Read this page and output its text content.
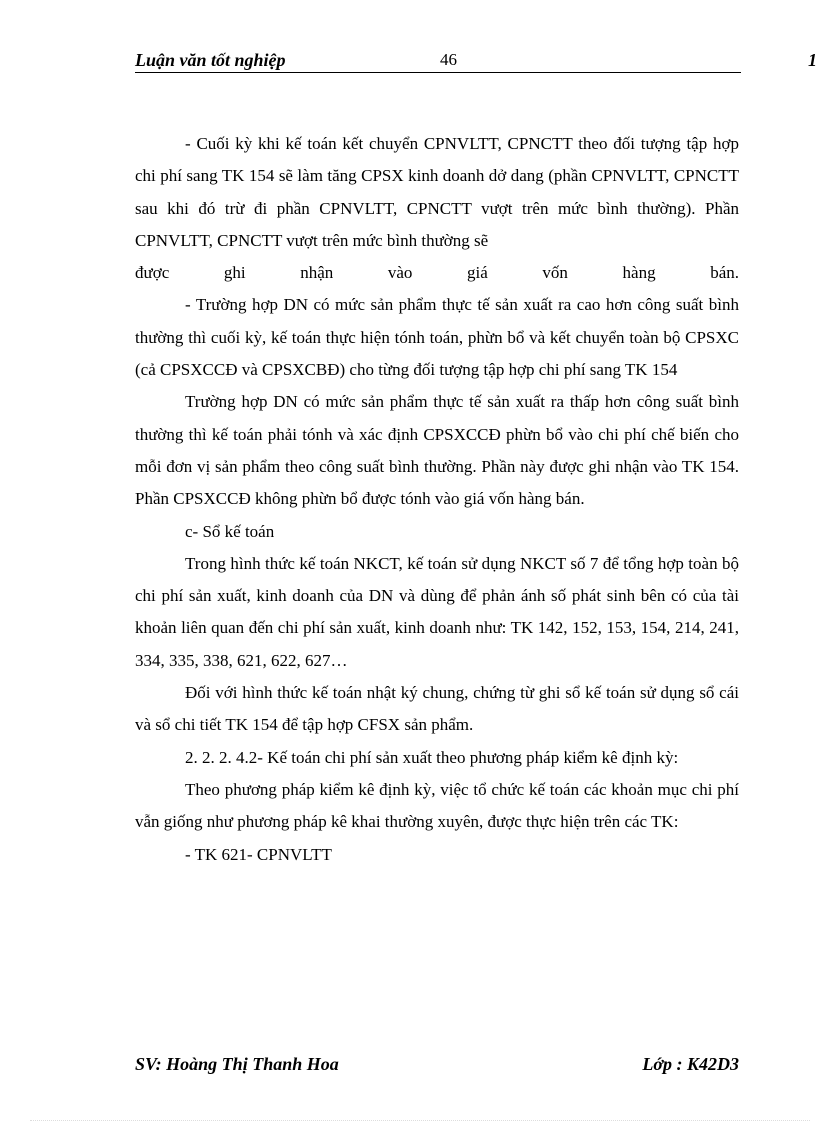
Luận văn tốt nghiệp	46	1

- Cuối kỳ khi kế toán kết chuyển CPNVLTT, CPNCTT theo đối tượng tập hợp chi phí sang TK 154 sẽ làm tăng CPSX kinh doanh dở dang (phần CPNVLTT, CPNCTT sau khi đó trừ đi phần CPNVLTT, CPNCTT vượt trên mức bình thường). Phần CPNVLTT, CPNCTT vượt trên mức bình thường sẽ

được ghi nhận vào giá vốn hàng bán.

- Trường hợp DN có mức sản phẩm thực tế sản xuất ra cao hơn công suất bình thường thì cuối kỳ, kế toán thực hiện tónh toán, phừn bổ và kết chuyển toàn bộ CPSXC (cả CPSXCCĐ và CPSXCBĐ) cho từng đối tượng tập hợp chi phí sang TK 154

Trường hợp DN có mức sản phẩm thực tế sản xuất ra thấp hơn công suất bình thường thì kế toán phải tónh và xác định CPSXCCĐ phừn bổ vào chi phí chế biến cho mỗi đơn vị sản phẩm theo công suất bình thường. Phần này được ghi nhận vào TK 154. Phần CPSXCCĐ không phừn bổ được tónh vào giá vốn hàng bán.

c- Sổ kế toán

Trong hình thức kế toán NKCT, kế toán sử dụng NKCT số 7 để tổng hợp toàn bộ chi phí sản xuất, kinh doanh của DN và dùng để phản ánh số phát sinh bên có của tài khoản liên quan đến chi phí sản xuất, kinh doanh như: TK 142, 152, 153, 154, 214, 241, 334, 335, 338, 621, 622, 627…

Đối với hình thức kế toán nhật ký chung, chứng từ ghi sổ kế toán sử dụng sổ cái và sổ chi tiết TK 154 để tập hợp CFSX sản phẩm.

2. 2. 2. 4.2- Kế toán chi phí sản xuất theo phương pháp kiểm kê định kỳ:

Theo phương pháp kiểm kê định kỳ, việc tổ chức kế toán các khoản mục chi phí vẫn giống như phương pháp kê khai thường xuyên, được thực hiện trên các TK:

- TK 621- CPNVLTT

SV: Hoàng Thị Thanh Hoa	Lớp : K42D3
